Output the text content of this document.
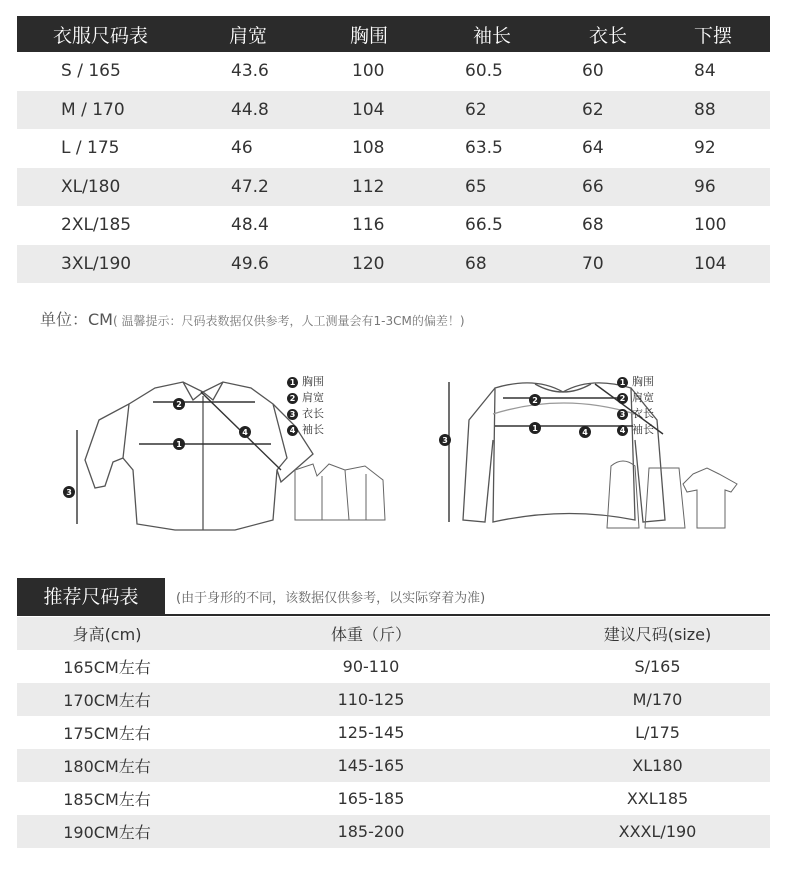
衣服尺码表	肩宽	胸围	袖长	衣长	下摆
S / 165	43.6	100	60.5	60	84
M / 170	44.8	104	62	62	88
L / 175	46	108	63.5	64	92
XL/180	47.2	112	65	66	96
2XL/185	48.4	116	66.5	68	100
3XL/190	49.6	120	68	70	104
单位：CM( 温馨提示：尺码表数据仅供参考，人工测量会有1-3CM的偏差！)
1
2
3
4
1 胸围
2 肩宽
3 衣长
4 袖长	1
2
3
4
1 胸围
2 肩宽
3 衣长
4 袖长
推荐尺码表	(由于身形的不同，该数据仅供参考，以实际穿着为准)
身高(cm)	体重（斤）	建议尺码(size)
165CM左右	90-110	S/165
170CM左右	110-125	M/170
175CM左右	125-145	L/175
180CM左右	145-165	XL180
185CM左右	165-185	XXL185
190CM左右	185-200	XXXL/190
